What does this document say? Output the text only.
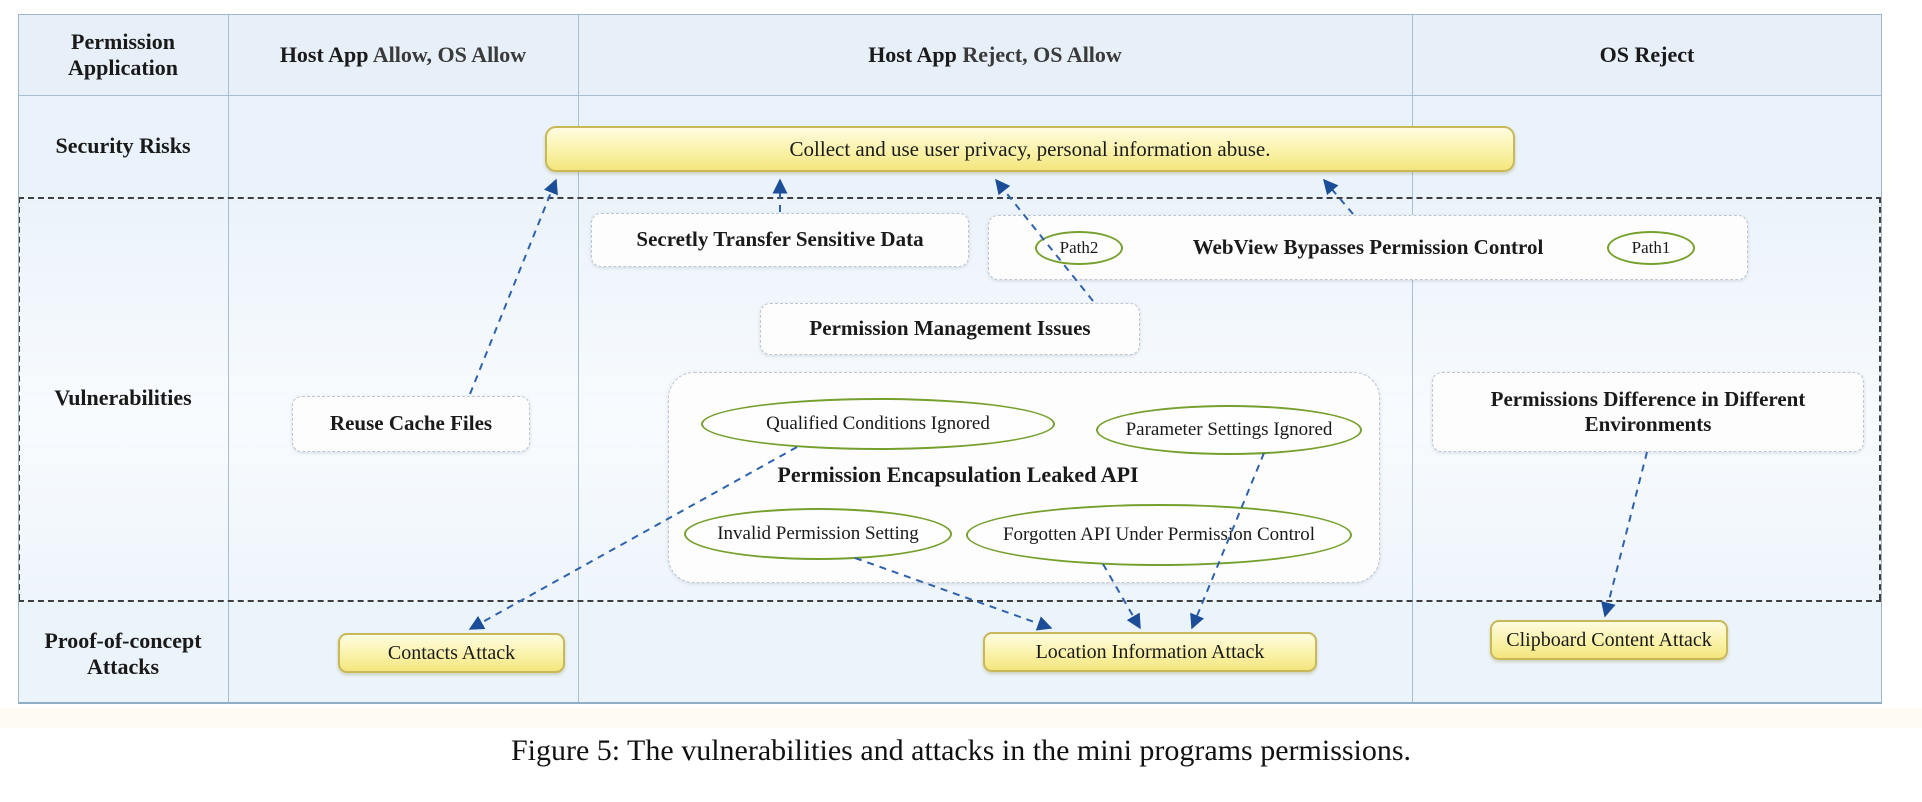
Permission Application
Host App Allow, OS Allow	Host App Reject, OS Allow	OS Reject
Security Risks
Vulnerabilities
Proof-of-concept Attacks
Collect and use user privacy, personal information abuse.
Secretly Transfer Sensitive Data	Path2	WebView Bypasses Permission Control	Path1
Permission Management Issues
Reuse Cache Files	Qualified Conditions Ignored	Parameter Settings Ignored
Permission Encapsulation Leaked API
Invalid Permission Setting	Forgotten API Under Permission Control
Permissions Difference in Different Environments
Contacts Attack	Location Information Attack
Clipboard Content Attack
Figure 5: The vulnerabilities and attacks in the mini programs permissions.
